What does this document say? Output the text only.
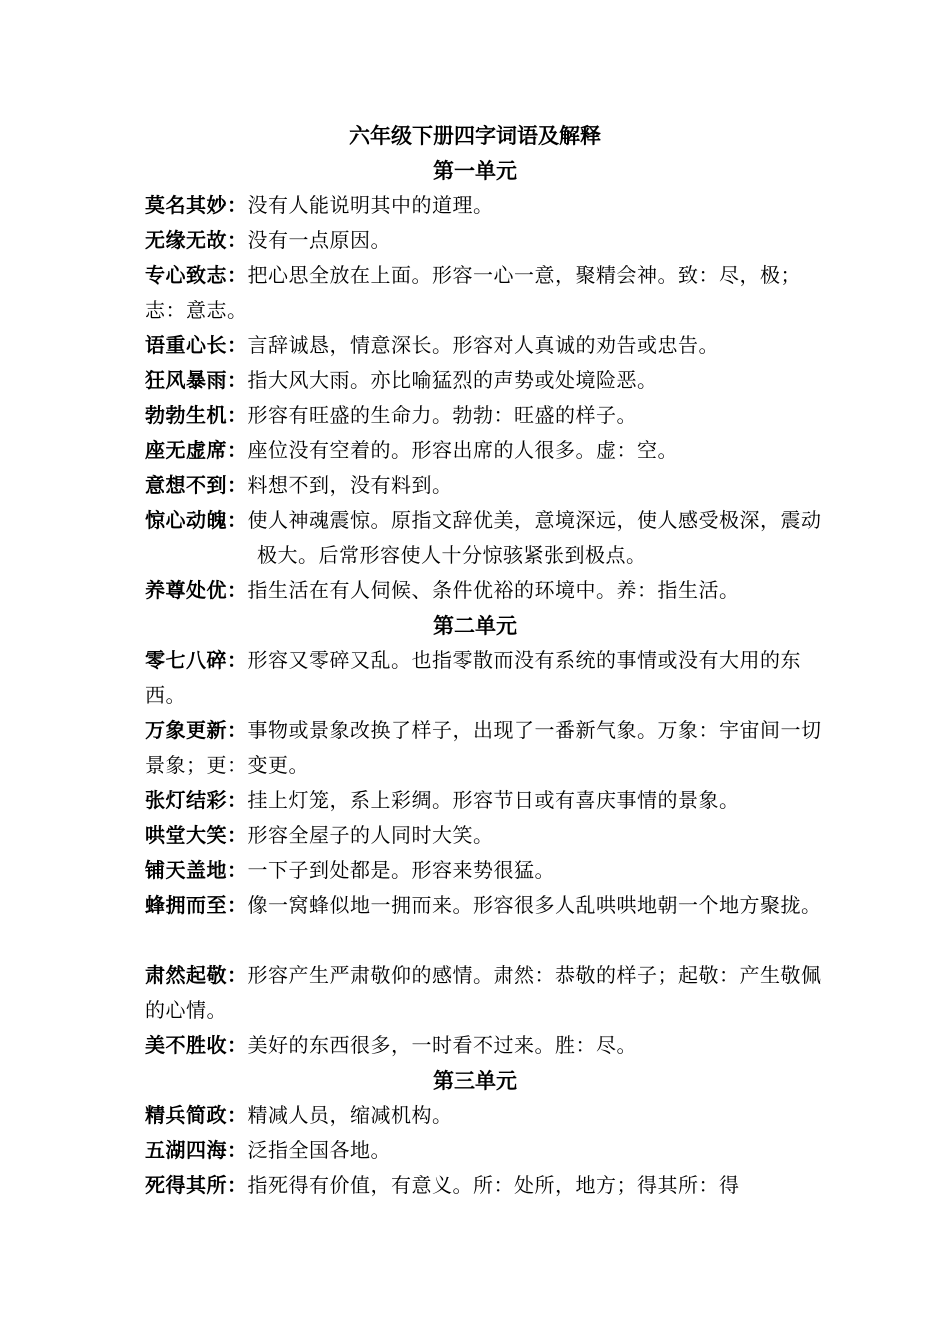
六年级下册四字词语及解释
第一单元
莫名其妙：没有人能说明其中的道理。
无缘无故：没有一点原因。
专心致志：把心思全放在上面。形容一心一意，聚精会神。致：尽，极；志：意志。
语重心长：言辞诚恳，情意深长。形容对人真诚的劝告或忠告。
狂风暴雨：指大风大雨。亦比喻猛烈的声势或处境险恶。
勃勃生机：形容有旺盛的生命力。勃勃：旺盛的样子。
座无虚席：座位没有空着的。形容出席的人很多。虚：空。
意想不到：料想不到，没有料到。
惊心动魄：使人神魂震惊。原指文辞优美，意境深远，使人感受极深，震动极大。后常形容使人十分惊骇紧张到极点。
养尊处优：指生活在有人伺候、条件优裕的环境中。养：指生活。
第二单元
零七八碎：形容又零碎又乱。也指零散而没有系统的事情或没有大用的东西。
万象更新：事物或景象改换了样子，出现了一番新气象。万象：宇宙间一切景象；更：变更。
张灯结彩：挂上灯笼，系上彩绸。形容节日或有喜庆事情的景象。
哄堂大笑：形容全屋子的人同时大笑。
铺天盖地：一下子到处都是。形容来势很猛。
蜂拥而至：像一窝蜂似地一拥而来。形容很多人乱哄哄地朝一个地方聚拢。
肃然起敬：形容产生严肃敬仰的感情。肃然：恭敬的样子；起敬：产生敬佩的心情。
美不胜收：美好的东西很多，一时看不过来。胜：尽。
第三单元
精兵简政：精减人员，缩减机构。
五湖四海：泛指全国各地。
死得其所：指死得有价值，有意义。所：处所，地方；得其所：得
